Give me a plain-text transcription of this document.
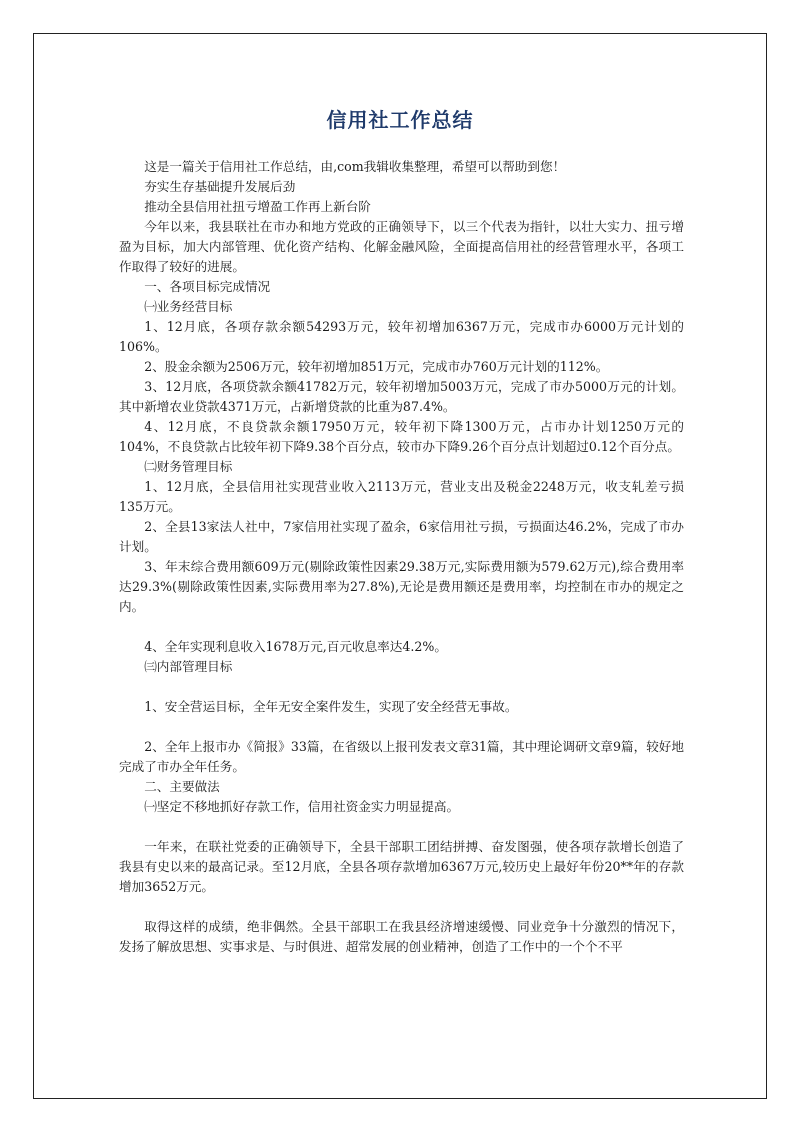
信用社工作总结

这是一篇关于信用社工作总结，由,com我辑收集整理，希望可以帮助到您！

夯实生存基础提升发展后劲

推动全县信用社扭亏增盈工作再上新台阶

今年以来，我县联社在市办和地方党政的正确领导下，以三个代表为指针，以壮大实力、扭亏增盈为目标，加大内部管理、优化资产结构、化解金融风险，全面提高信用社的经营管理水平，各项工作取得了较好的进展。

一、各项目标完成情况

㈠业务经营目标

1、12月底，各项存款余额54293万元，较年初增加6367万元，完成市办6000万元计划的106%。

2、股金余额为2506万元，较年初增加851万元，完成市办760万元计划的112%。

3、12月底，各项贷款余额41782万元，较年初增加5003万元，完成了市办5000万元的计划。其中新增农业贷款4371万元，占新增贷款的比重为87.4%。

4、12月底，不良贷款余额17950万元，较年初下降1300万元，占市办计划1250万元的104%，不良贷款占比较年初下降9.38个百分点，较市办下降9.26个百分点计划超过0.12个百分点。

㈡财务管理目标

1、12月底，全县信用社实现营业收入2113万元，营业支出及税金2248万元，收支轧差亏损135万元。

2、全县13家法人社中，7家信用社实现了盈余，6家信用社亏损，亏损面达46.2%，完成了市办计划。

3、年末综合费用额609万元(剔除政策性因素29.38万元,实际费用额为579.62万元),综合费用率达29.3%(剔除政策性因素,实际费用率为27.8%),无论是费用额还是费用率，均控制在市办的规定之内。

4、全年实现利息收入1678万元,百元收息率达4.2%。

㈢内部管理目标

1、安全营运目标，全年无安全案件发生，实现了安全经营无事故。

2、全年上报市办《简报》33篇，在省级以上报刊发表文章31篇，其中理论调研文章9篇，较好地完成了市办全年任务。

二、主要做法

㈠坚定不移地抓好存款工作，信用社资金实力明显提高。

一年来，在联社党委的正确领导下，全县干部职工团结拼搏、奋发图强，使各项存款增长创造了我县有史以来的最高记录。至12月底，全县各项存款增加6367万元,较历史上最好年份20**年的存款增加3652万元。

取得这样的成绩，绝非偶然。全县干部职工在我县经济增速缓慢、同业竞争十分激烈的情况下，发扬了解放思想、实事求是、与时俱进、超常发展的创业精神，创造了工作中的一个个不平
